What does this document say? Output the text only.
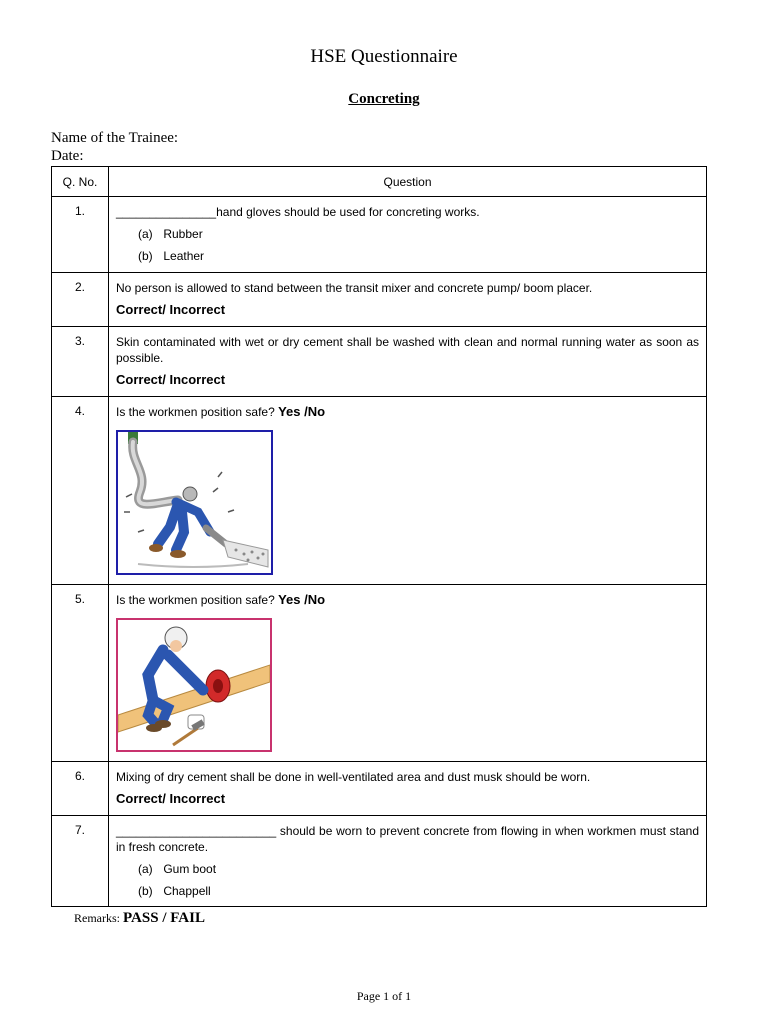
HSE Questionnaire
Concreting
Name of the Trainee:
Date:
Q. No.	Question
1.	_______________hand gloves should be used for concreting works.
(a) Rubber
(b) Leather

2.	No person is allowed to stand between the transit mixer and concrete pump/ boom placer.
Correct/ Incorrect

3.	Skin contaminated with wet or dry cement shall be washed with clean and normal running water as soon as possible.
Correct/ Incorrect

4.	Is the workmen position safe? Yes /No

5.	Is the workmen position safe? Yes /No

6.	Mixing of dry cement shall be done in well-ventilated area and dust musk should be worn.
Correct/ Incorrect

7.	________________________ should be worn to prevent concrete from flowing in when workmen must stand in fresh concrete.
(a) Gum boot
(b) Chappell
Remarks: PASS / FAIL
Page 1 of 1
